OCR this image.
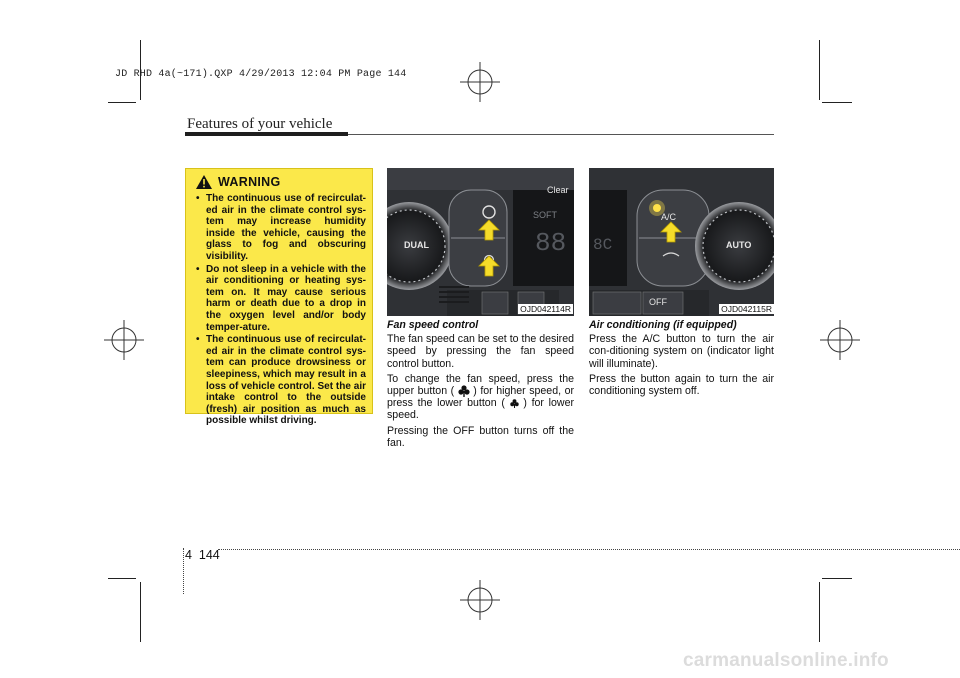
JD RHD 4a(~171).QXP 4/29/2013 12:04 PM Page 144
Features of your vehicle
WARNING
• The continuous use of recirculat-ed air in the climate control sys-tem may increase humidity inside the vehicle, causing the glass to fog and obscuring visibility.
• Do not sleep in a vehicle with the air conditioning or heating sys-tem on. It may cause serious harm or death due to a drop in the oxygen level and/or body temper-ature.
• The continuous use of recirculat-ed air in the climate control sys-tem can produce drowsiness or sleepiness, which may result in a loss of vehicle control. Set the air intake control to the outside (fresh) air position as much as possible whilst driving.
DUAL
Clear
SOFT
88
OJD042114R
8C
A/C
AUTO
OFF
OJD042115R
Fan speed control

The fan speed can be set to the desired speed by pressing the fan speed control button.

To change the fan speed, press the upper button ( ) for higher speed, or press the lower button ( ) for lower speed.

Pressing the OFF button turns off the fan.

Air conditioning (if equipped)

Press the A/C button to turn the air con-ditioning system on (indicator light will illuminate).

Press the button again to turn the air conditioning system off.

4 144
carmanualsonline.info
